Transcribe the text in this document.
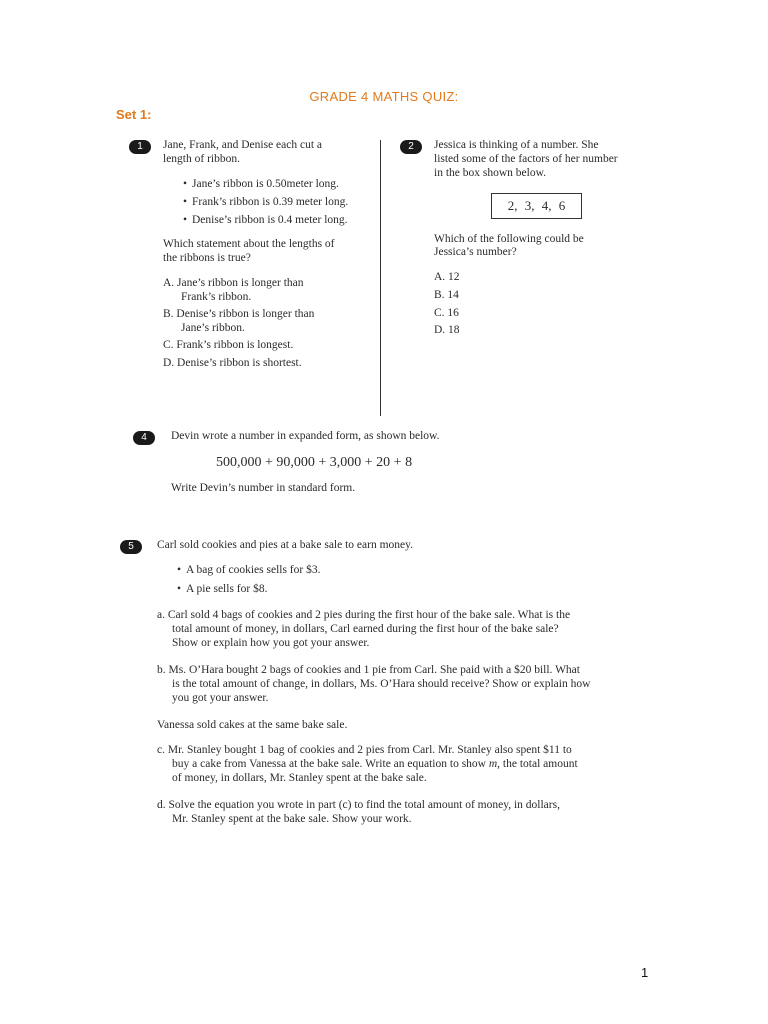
GRADE 4 MATHS QUIZ:
Set 1:
1	Jane, Frank, and Denise each cut a
length of ribbon.
• Jane’s ribbon is 0.50meter long.
• Frank’s ribbon is 0.39 meter long.
• Denise’s ribbon is 0.4 meter long.
Which statement about the lengths of
the ribbons is true?
A. Jane’s ribbon is longer than
Frank’s ribbon.
B. Denise’s ribbon is longer than
Jane’s ribbon.
C. Frank’s ribbon is longest.
D. Denise’s ribbon is shortest.
2	Jessica is thinking of a number. She
listed some of the factors of her number
in the box shown below.
2, 3, 4, 6
Which of the following could be
Jessica’s number?
A. 12
B. 14
C. 16
D. 18
4	Devin wrote a number in expanded form, as shown below.
500,000 + 90,000 + 3,000 + 20 + 8
Write Devin’s number in standard form.
5	Carl sold cookies and pies at a bake sale to earn money.
• A bag of cookies sells for $3.
• A pie sells for $8.
a. Carl sold 4 bags of cookies and 2 pies during the first hour of the bake sale. What is the
total amount of money, in dollars, Carl earned during the first hour of the bake sale?
Show or explain how you got your answer.
b. Ms. O’Hara bought 2 bags of cookies and 1 pie from Carl. She paid with a $20 bill. What
is the total amount of change, in dollars, Ms. O’Hara should receive? Show or explain how
you got your answer.
Vanessa sold cakes at the same bake sale.
c. Mr. Stanley bought 1 bag of cookies and 2 pies from Carl. Mr. Stanley also spent $11 to
buy a cake from Vanessa at the bake sale. Write an equation to show m, the total amount
of money, in dollars, Mr. Stanley spent at the bake sale.
d. Solve the equation you wrote in part (c) to find the total amount of money, in dollars,
Mr. Stanley spent at the bake sale. Show your work.
1
